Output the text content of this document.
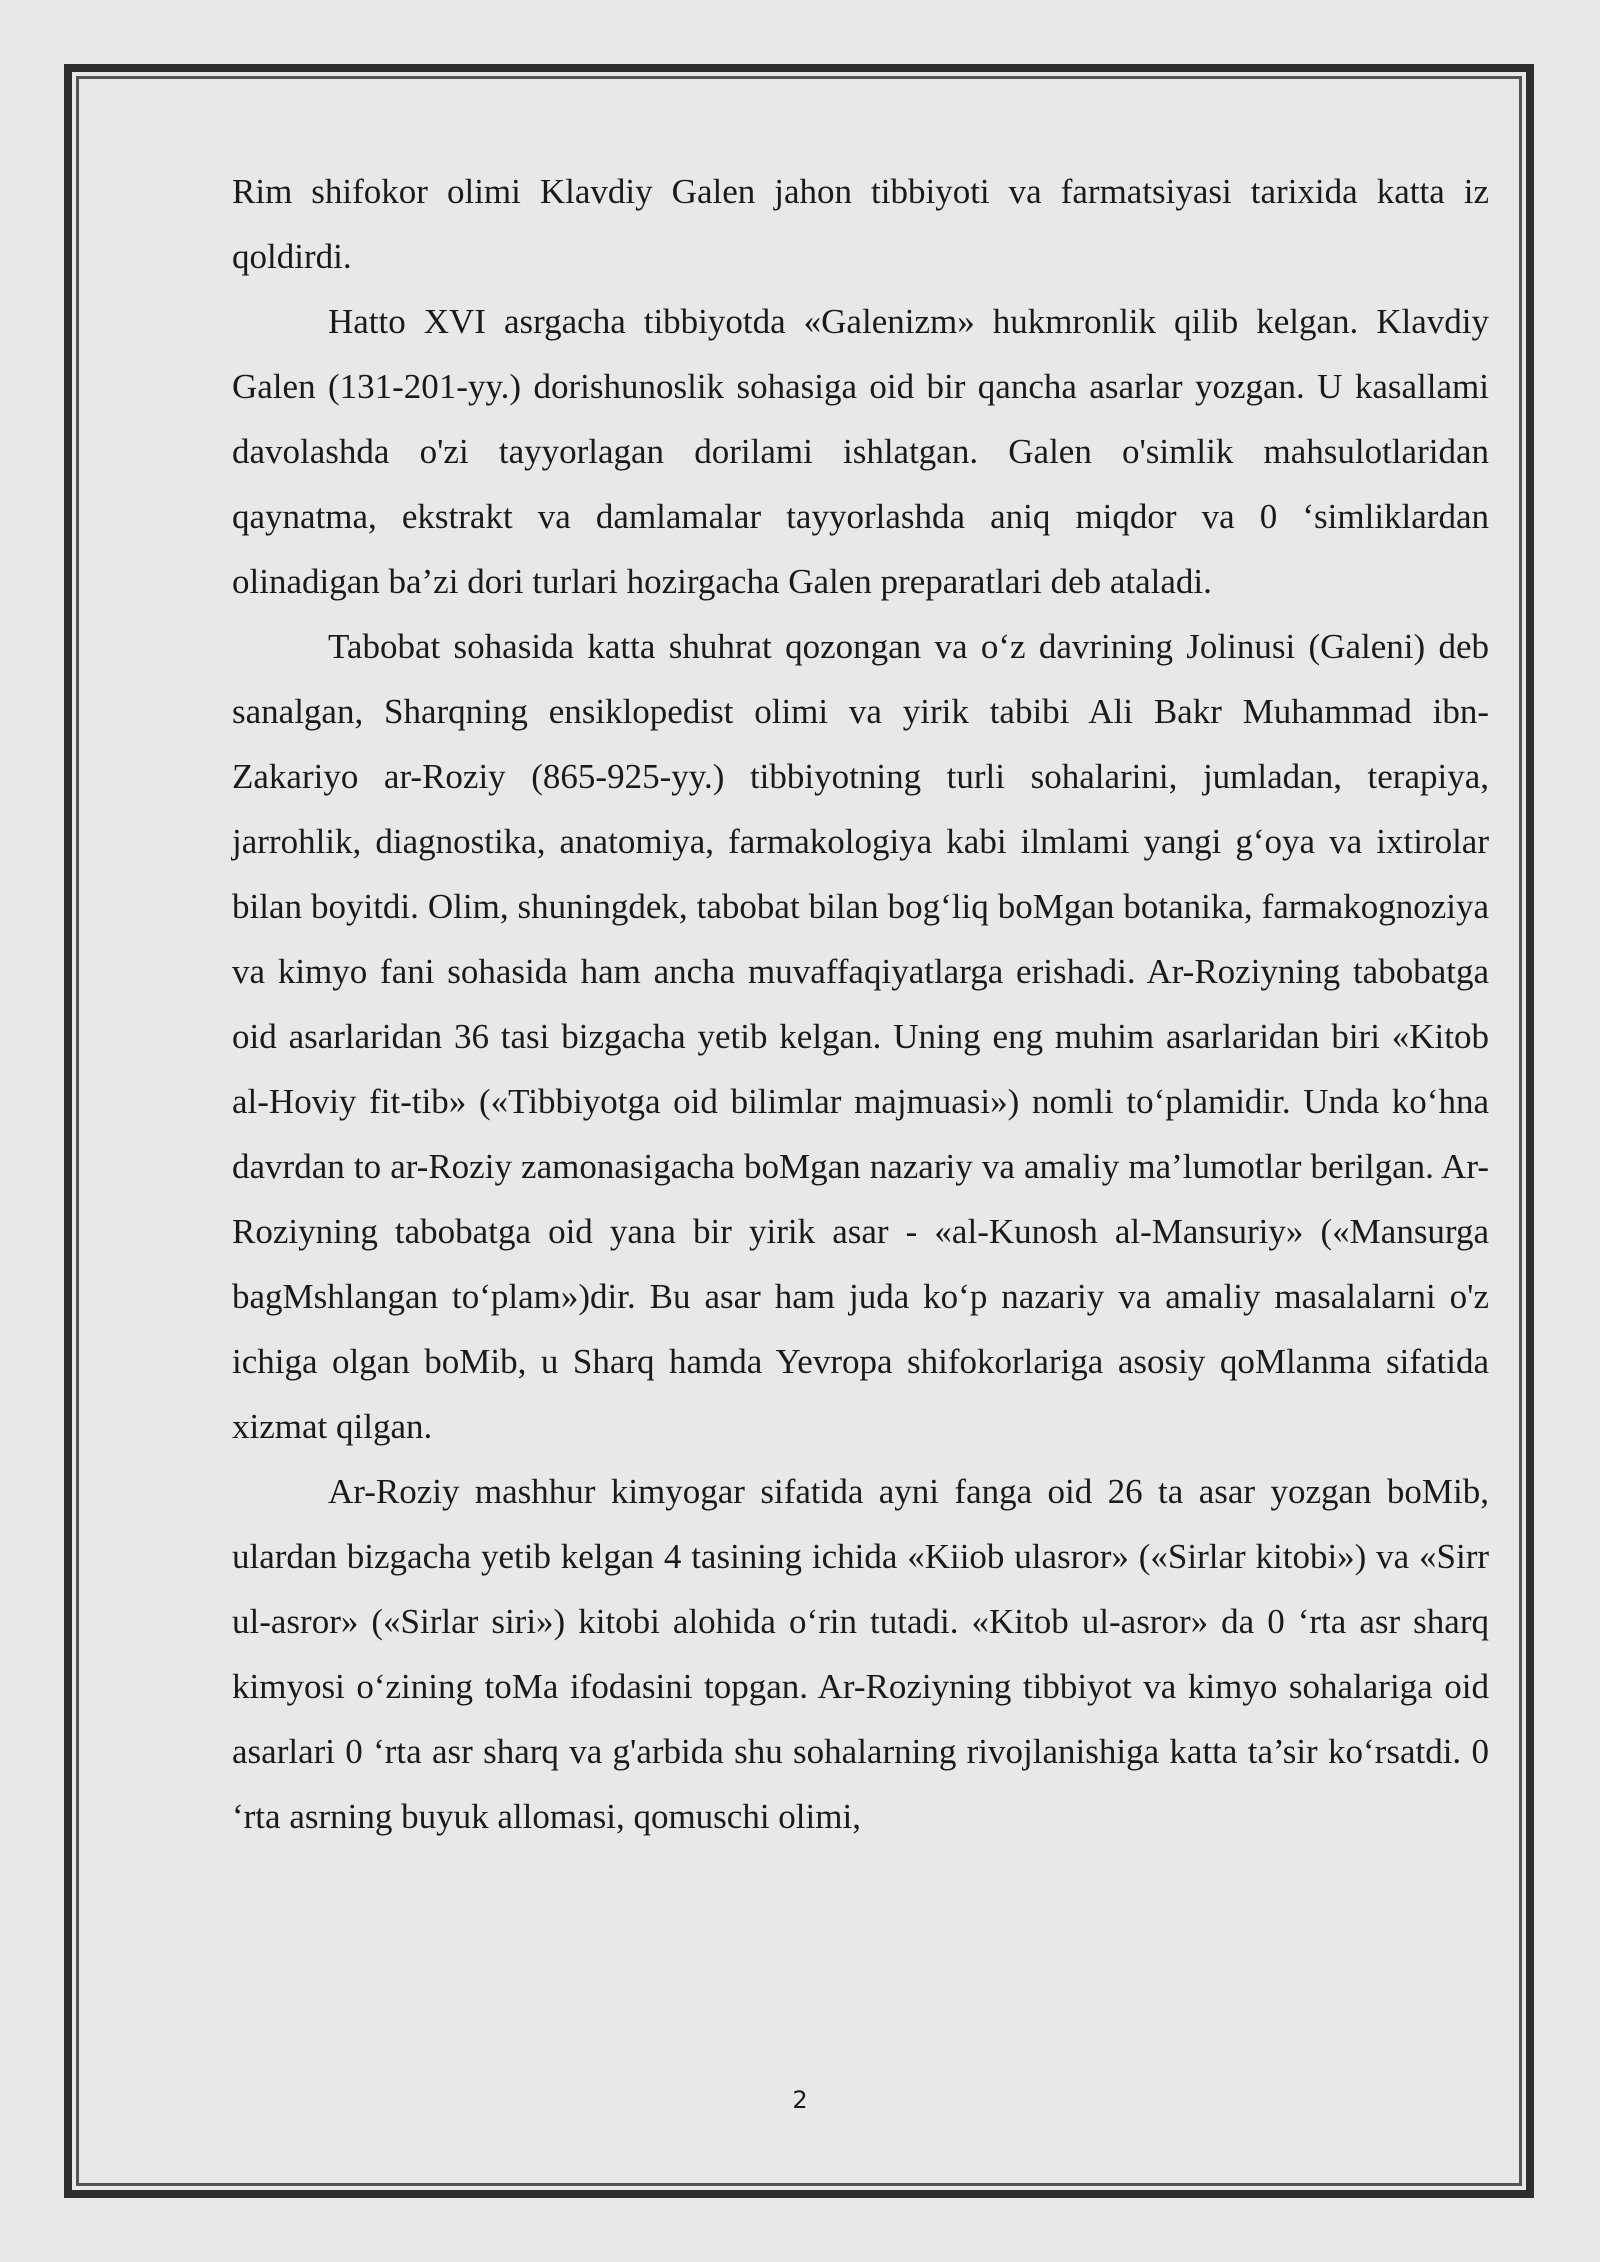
Rim shifokor olimi Klavdiy Galen jahon tibbiyoti va farmatsiyasi tarixida katta iz qoldirdi.

Hatto XVI asrgacha tibbiyotda «Galenizm» hukmronlik qilib kelgan. Klavdiy Galen (131-201-yy.) dorishunoslik sohasiga oid bir qancha asarlar yozgan. U kasallami davolashda o'zi tayyorlagan dorilami ishlatgan. Galen o'simlik mahsulotlaridan qaynatma, ekstrakt va damlamalar tayyorlashda aniq miqdor va 0 ‘simliklardan olinadigan ba’zi dori turlari hozirgacha Galen preparatlari deb ataladi.

Tabobat sohasida katta shuhrat qozongan va o‘z davrining Jolinusi (Galeni) deb sanalgan, Sharqning ensiklopedist olimi va yirik tabibi Ali Bakr Muhammad ibn-Zakariyo ar-Roziy (865-925-yy.) tibbiyotning turli sohalarini, jumladan, terapiya, jarrohlik, diagnostika, anatomiya, farmakologiya kabi ilmlami yangi g‘oya va ixtirolar bilan boyitdi. Olim, shuningdek, tabobat bilan bog‘liq boMgan botanika, farmakognoziya va kimyo fani sohasida ham ancha muvaffaqiyatlarga erishadi. Ar-Roziyning tabobatga oid asarlaridan 36 tasi bizgacha yetib kelgan. Uning eng muhim asarlaridan biri «Kitob al-Hoviy fit-tib» («Tibbiyotga oid bilimlar majmuasi») nomli to‘plamidir. Unda ko‘hna davrdan to ar-Roziy zamonasigacha boMgan nazariy va amaliy ma’lumotlar berilgan. Ar-Roziyning tabobatga oid yana bir yirik asar - «al-Kunosh al-Mansuriy» («Mansurga bagMshlangan to‘plam»)dir. Bu asar ham juda ko‘p nazariy va amaliy masalalarni o'z ichiga olgan boMib, u Sharq hamda Yevropa shifokorlariga asosiy qoMlanma sifatida xizmat qilgan.

Ar-Roziy mashhur kimyogar sifatida ayni fanga oid 26 ta asar yozgan boMib, ulardan bizgacha yetib kelgan 4 tasining ichida «Kiiob ulasror» («Sirlar kitobi») va «Sirr ul-asror» («Sirlar siri») kitobi alohida o‘rin tutadi. «Kitob ul-asror» da 0 ‘rta asr sharq kimyosi o‘zining toMa ifodasini topgan. Ar-Roziyning tibbiyot va kimyo sohalariga oid asarlari 0 ‘rta asr sharq va g'arbida shu sohalarning rivojlanishiga katta ta’sir ko‘rsatdi. 0 ‘rta asrning buyuk allomasi, qomuschi olimi,

2
